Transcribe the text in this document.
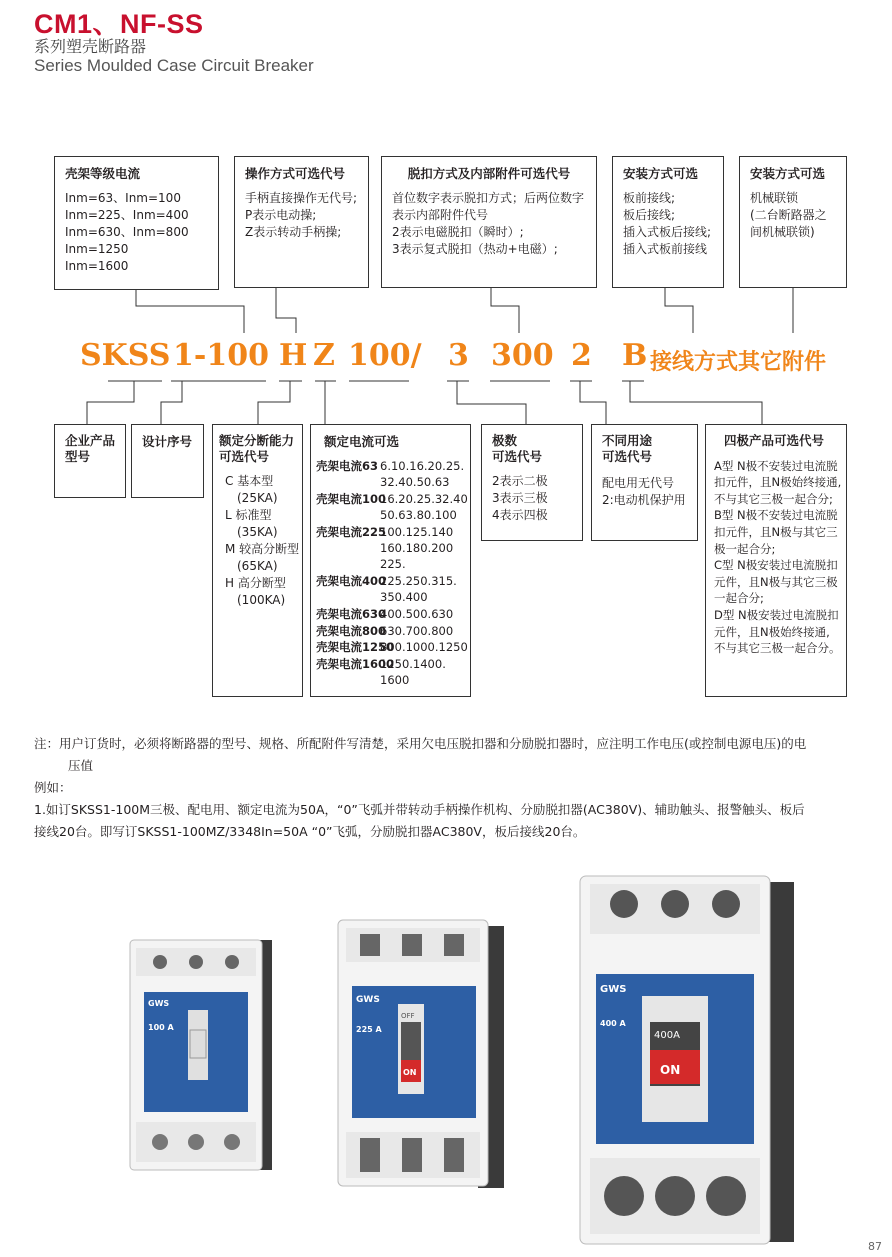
CM1、NF-SS
系列塑壳断路器
Series Moulded Case Circuit Breaker
壳架等级电流
Inm=63、Inm=100
Inm=225、Inm=400
Inm=630、Inm=800
Inm=1250
Inm=1600
操作方式可选代号
手柄直接操作无代号;
P表示电动操;
Z表示转动手柄操;
脱扣方式及内部附件可选代号
首位数字表示脱扣方式；后两位数字
表示内部附件代号
2表示电磁脱扣（瞬时）;
3表示复式脱扣（热动+电磁）;
安装方式可选
板前接线;
板后接线;
插入式板后接线;
插入式板前接线
安装方式可选
机械联锁
(二台断路器之
间机械联锁)
SKSS 1-100 H Z 100/ 3 300 2 B 接线方式其它附件
企业产品
型号
设计序号 额定分断能力
可选代号
C 基本型
(25KA)
L 标准型
(35KA)
M 较高分断型
(65KA)
H 高分断型
(100KA)
额定电流可选
壳架电流63 6.10.16.20.25.
32.40.50.63
壳架电流100
16.20.25.32.40
50.63.80.100
壳架电流225
100.125.140
160.180.200
225.
壳架电流400
225.250.315.
350.400
壳架电流630
400.500.630
壳架电流800
630.700.800
壳架电流1250
800.1000.1250
壳架电流1600
1250.1400.
1600
极数
可选代号
2表示二极
3表示三极
4表示四极
不同用途
可选代号
配电用无代号
2:电动机保护用
四极产品可选代号
A型 N极不安装过电流脱
扣元件，且N极始终接通,
不与其它三极一起合分;
B型 N极不安装过电流脱
扣元件，且N极与其它三
极一起合分;
C型 N极安装过电流脱扣
元件，且N极与其它三极
一起合分;
D型 N极安装过电流脱扣
元件，且N极始终接通,
不与其它三极一起合分。
注：用户订货时，必须将断路器的型号、规格、所配附件写清楚，采用欠电压脱扣器和分励脱扣器时，应注明工作电压(或控制电源电压)的电
压值
例如：
1.如订SKSS1-100M三极、配电用、额定电流为50A，“0”飞弧并带转动手柄操作机构、分励脱扣器(AC380V)、辅助触头、报警触头、板后
接线20台。即写订SKSS1-100MZ/3348In=50A “0”飞弧，分励脱扣器AC380V，板后接线20台。
GWS
100 A
GWS
225 A
ON
OFF
GWS
400 A
400A
ON
87
